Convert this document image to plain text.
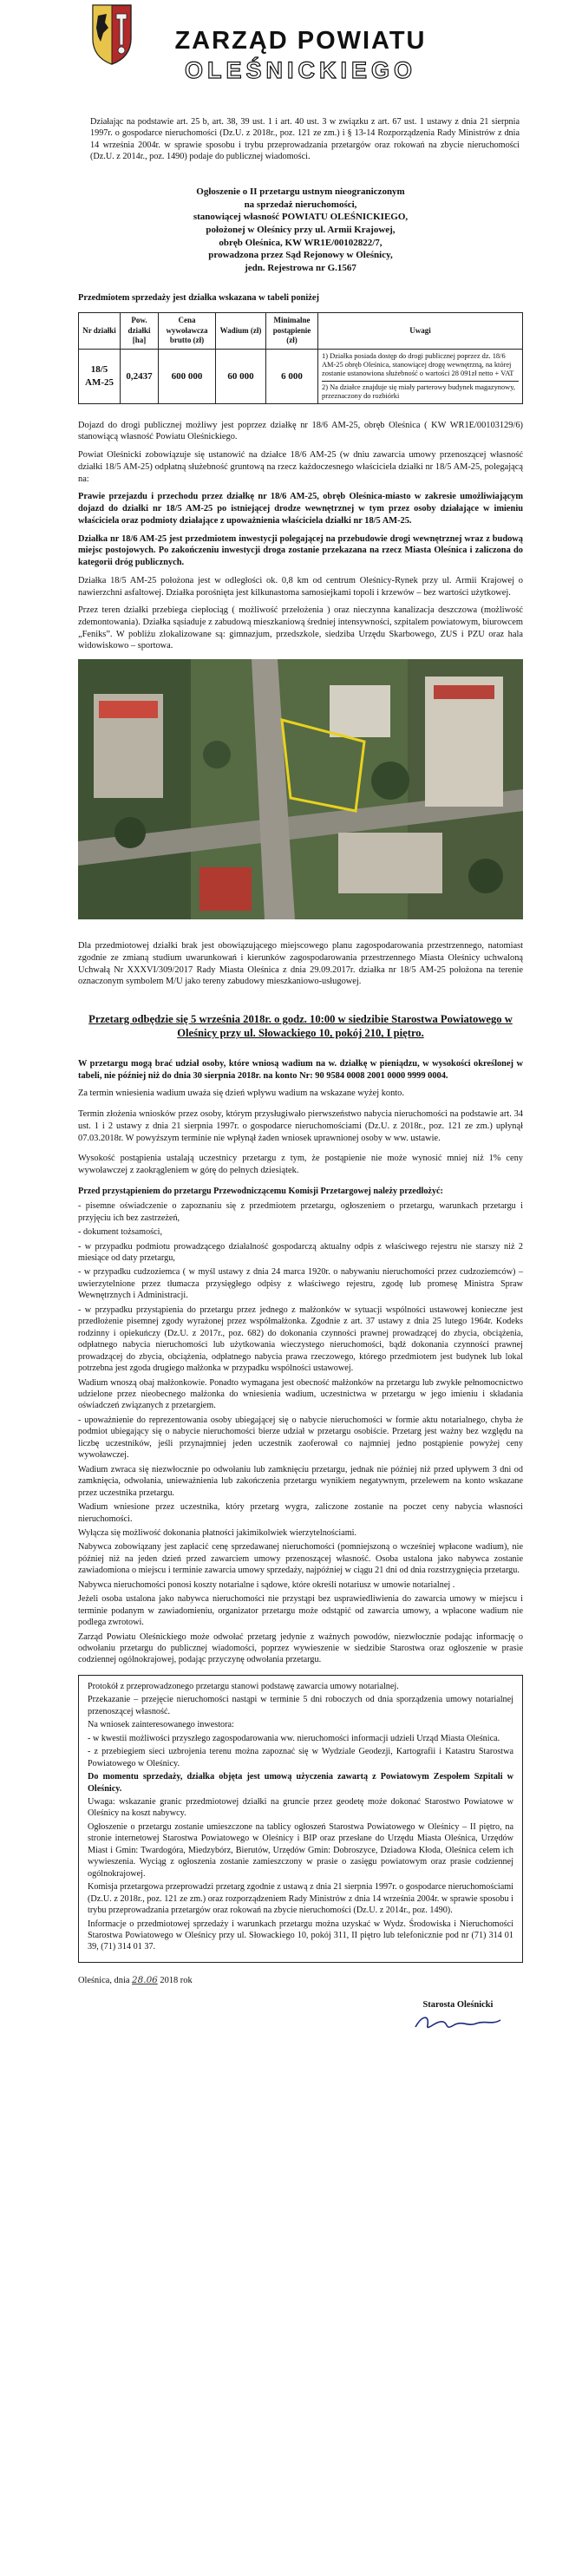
ZARZĄD POWIATU
OLEŚNICKIEGO

Działając na podstawie art. 25 b, art. 38, 39 ust. 1 i art. 40 ust. 3 w związku z art. 67 ust. 1 ustawy z dnia 21 sierpnia 1997r. o gospodarce nieruchomości (Dz.U. z 2018r., poz. 121 ze zm.) i § 13-14 Rozporządzenia Rady Ministrów z dnia 14 września 2004r. w sprawie sposobu i trybu przeprowadzania przetargów oraz rokowań na zbycie nieruchomości (Dz.U. z 2014r., poz. 1490) podaje do publicznej wiadomości.

Ogłoszenie o II przetargu ustnym nieograniczonym
na sprzedaż nieruchomości,
stanowiącej własność POWIATU OLEŚNICKIEGO,
położonej w Oleśnicy przy ul. Armii Krajowej,
obręb Oleśnica, KW WR1E/00102822/7,
prowadzona przez Sąd Rejonowy w Oleśnicy,
jedn. Rejestrowa nr G.1567
Przedmiotem sprzedaży jest działka wskazana w tabeli poniżej
Nr działki	Pow. działki [ha]	Cena wywoławcza brutto (zł)	Wadium (zł)	Minimalne postąpienie (zł)	Uwagi
18/5 AM-25	0,2437	600 000	60 000	6 000	1) Działka posiada dostęp do drogi publicznej poprzez dz. 18/6 AM-25 obręb Oleśnica, stanowiącej drogę wewnętrzną, na której zostanie ustanowiona służebność o wartości 28 091zł netto + VAT
2) Na działce znajduje się miały parterowy budynek magazynowy, przeznaczony do rozbiórki

Dojazd do drogi publicznej możliwy jest poprzez działkę nr 18/6 AM-25, obręb Oleśnica ( KW WR1E/00103129/6) stanowiącą własność Powiatu Oleśnickiego.

Powiat Oleśnicki zobowiązuje się ustanowić na działce 18/6 AM-25 (w dniu zawarcia umowy przenoszącej własność działki 18/5 AM-25) odpłatną służebność gruntową na rzecz każdoczesnego właściciela działki nr 18/5 AM-25, polegającą na:

Prawie przejazdu i przechodu przez działkę nr 18/6 AM-25, obręb Oleśnica-miasto w zakresie umożliwiającym dojazd do działki nr 18/5 AM-25 po istniejącej drodze wewnętrznej w tym przez osoby działające w imieniu właściciela oraz podmioty działające z upoważnienia właściciela działki nr 18/5 AM-25.

Działka nr 18/6 AM-25 jest przedmiotem inwestycji polegającej na przebudowie drogi wewnętrznej wraz z budową miejsc postojowych. Po zakończeniu inwestycji droga zostanie przekazana na rzecz Miasta Oleśnica i zaliczona do kategorii dróg publicznych.

Działka 18/5 AM-25 położona jest w odległości ok. 0,8 km od centrum Oleśnicy-Rynek przy ul. Armii Krajowej o nawierzchni asfaltowej. Działka porośnięta jest kilkunastoma samosiejkami topoli i krzewów – bez wartości użytkowej.

Przez teren działki przebiega ciepłociąg ( możliwość przełożenia ) oraz nieczynna kanalizacja deszczowa (możliwość zdemontowania). Działka sąsiaduje z zabudową mieszkaniową średniej intensywności, szpitalem powiatowym, biurowcem „Feniks”. W pobliżu zlokalizowane są: gimnazjum, przedszkole, siedziba Urzędu Skarbowego, ZUS i PZU oraz hala widowiskowo – sportowa.

Dla przedmiotowej działki brak jest obowiązującego miejscowego planu zagospodarowania przestrzennego, natomiast zgodnie ze zmianą studium uwarunkowań i kierunków zagospodarowania przestrzennego Miasta Oleśnicy uchwaloną Uchwałą Nr XXXVI/309/2017 Rady Miasta Oleśnica z dnia 29.09.2017r. działka nr 18/5 AM-25 położona na terenie oznaczonym symbolem M/U jako tereny zabudowy mieszkaniowo-usługowej.

Przetarg odbędzie się 5 września 2018r. o godz. 10:00 w siedzibie Starostwa Powiatowego w Oleśnicy przy ul. Słowackiego 10, pokój 210, I piętro.

W przetargu mogą brać udział osoby, które wniosą wadium na w. działkę w pieniądzu, w wysokości określonej w tabeli, nie później niż do dnia 30 sierpnia 2018r. na konto Nr: 90 9584 0008 2001 0000 9999 0004.

Za termin wniesienia wadium uważa się dzień wpływu wadium na wskazane wyżej konto.

Termin złożenia wniosków przez osoby, którym przysługiwało pierwszeństwo nabycia nieruchomości na podstawie art. 34 ust. 1 i 2 ustawy z dnia 21 sierpnia 1997r. o gospodarce nieruchomościami (Dz.U. z 2018r., poz. 121 ze zm.) upłynął 07.03.2018r. W powyższym terminie nie wpłynął żaden wniosek uprawnionej osoby w ww. ustawie.

Wysokość postąpienia ustalają uczestnicy przetargu z tym, że postąpienie nie może wynosić mniej niż 1% ceny wywoławczej z zaokrągleniem w górę do pełnych dziesiątek.

Przed przystąpieniem do przetargu Przewodniczącemu Komisji Przetargowej należy przedłożyć:

- pisemne oświadczenie o zapoznaniu się z przedmiotem przetargu, ogłoszeniem o przetargu, warunkach przetargu i przyjęciu ich bez zastrzeżeń,

- dokument tożsamości,

- w przypadku podmiotu prowadzącego działalność gospodarczą aktualny odpis z właściwego rejestru nie starszy niż 2 miesiące od daty przetargu,

- w przypadku cudzoziemca ( w myśl ustawy z dnia 24 marca 1920r. o nabywaniu nieruchomości przez cudzoziemców) – uwierzytelnione przez tłumacza przysięgłego odpisy z właściwego rejestru, zgodę lub promesę Ministra Spraw Wewnętrznych i Administracji.

- w przypadku przystąpienia do przetargu przez jednego z małżonków w sytuacji wspólności ustawowej konieczne jest przedłożenie pisemnej zgody wyrażonej przez współmałżonka. Zgodnie z art. 37 ustawy z dnia 25 lutego 1964r. Kodeks rodzinny i opiekuńczy (Dz.U. z 2017r., poz. 682) do dokonania czynności prawnej prowadzącej do zbycia, obciążenia, odpłatnego nabycia nieruchomości lub użytkowania wieczystego nieruchomości, bądź dokonania czynności prawnej prowadzącej do zbycia, obciążenia, odpłatnego nabycia prawa rzeczowego, którego przedmiotem jest budynek lub lokal potrzebna jest zgoda drugiego małżonka w przypadku wspólności ustawowej.

Wadium wnoszą obaj małżonkowie. Ponadto wymagana jest obecność małżonków na przetargu lub zwykłe pełnomocnictwo udzielone przez nieobecnego małżonka do wniesienia wadium, uczestnictwa w przetargu w jego imieniu i składania oświadczeń związanych z przetargiem.

- upoważnienie do reprezentowania osoby ubiegającej się o nabycie nieruchomości w formie aktu notarialnego, chyba że podmiot ubiegający się o nabycie nieruchomości bierze udział w przetargu osobiście. Przetarg jest ważny bez względu na liczbę uczestników, jeśli przynajmniej jeden uczestnik zaoferował co najmniej jedno postąpienie powyżej ceny wywoławczej.

Wadium zwraca się niezwłocznie po odwołaniu lub zamknięciu przetargu, jednak nie później niż przed upływem 3 dni od zamknięcia, odwołania, unieważnienia lub zakończenia przetargu wynikiem negatywnym, przelewem na konto wskazane przez uczestnika przetargu.

Wadium wniesione przez uczestnika, który przetarg wygra, zaliczone zostanie na poczet ceny nabycia własności nieruchomości.

Wyłącza się możliwość dokonania płatności jakimikolwiek wierzytelnościami.

Nabywca zobowiązany jest zapłacić cenę sprzedawanej nieruchomości (pomniejszoną o wcześniej wpłacone wadium), nie później niż na jeden dzień przed zawarciem umowy przenoszącej własność. Osoba ustalona jako nabywca zostanie zawiadomiona o miejscu i terminie zawarcia umowy sprzedaży, najpóźniej w ciągu 21 dni od dnia rozstrzygnięcia przetargu.

Nabywca nieruchomości ponosi koszty notarialne i sądowe, które określi notariusz w umowie notarialnej .

Jeżeli osoba ustalona jako nabywca nieruchomości nie przystąpi bez usprawiedliwienia do zawarcia umowy w miejscu i terminie podanym w zawiadomieniu, organizator przetargu może odstąpić od zawarcia umowy, a wpłacone wadium nie podlega zwrotowi.

Zarząd Powiatu Oleśnickiego może odwołać przetarg jedynie z ważnych powodów, niezwłocznie podając informację o odwołaniu przetargu do publicznej wiadomości, poprzez wywieszenie w siedzibie Starostwa oraz ogłoszenie w prasie codziennej ogólnokrajowej, podając przyczynę odwołania przetargu.

Protokół z przeprowadzonego przetargu stanowi podstawę zawarcia umowy notarialnej.

Przekazanie – przejęcie nieruchomości nastąpi w terminie 5 dni roboczych od dnia sporządzenia umowy notarialnej przenoszącej własność.

Na wniosek zainteresowanego inwestora:

- w kwestii możliwości przyszłego zagospodarowania ww. nieruchomości informacji udzieli Urząd Miasta Oleśnica.

- z przebiegiem sieci uzbrojenia terenu można zapoznać się w Wydziale Geodezji, Kartografii i Katastru Starostwa Powiatowego w Oleśnicy.

Do momentu sprzedaży, działka objęta jest umową użyczenia zawartą z Powiatowym Zespołem Szpitali w Oleśnicy.

Uwaga: wskazanie granic przedmiotowej działki na gruncie przez geodetę może dokonać Starostwo Powiatowe w Oleśnicy na koszt nabywcy.

Ogłoszenie o przetargu zostanie umieszczone na tablicy ogłoszeń Starostwa Powiatowego w Oleśnicy – II piętro, na stronie internetowej Starostwa Powiatowego w Oleśnicy i BIP oraz przesłane do Urzędu Miasta Oleśnica, Urzędów Miast i Gmin: Twardogóra, Miedzybórz, Bierutów, Urzędów Gmin: Dobroszyce, Dziadowa Kłoda, Oleśnica celem ich wywieszenia. Wyciąg z ogłoszenia zostanie zamieszczony w prasie o zasięgu powiatowym oraz prasie codziennej ogólnokrajowej.

Komisja przetargowa przeprowadzi przetarg zgodnie z ustawą z dnia 21 sierpnia 1997r. o gospodarce nieruchomościami (Dz.U. z 2018r., poz. 121 ze zm.) oraz rozporządzeniem Rady Ministrów z dnia 14 września 2004r. w sprawie sposobu i trybu przeprowadzania przetargów oraz rokowań na zbycie nieruchomości (Dz.U. z 2014r., poz. 1490).

Informacje o przedmiotowej sprzedaży i warunkach przetargu można uzyskać w Wydz. Środowiska i Nieruchomości Starostwa Powiatowego w Oleśnicy przy ul. Słowackiego 10, pokój 311, II piętro lub telefonicznie pod nr (71) 314 01 39, (71) 314 01 37.

Oleśnica, dnia 28.06 2018 rok
Starosta Oleśnicki
